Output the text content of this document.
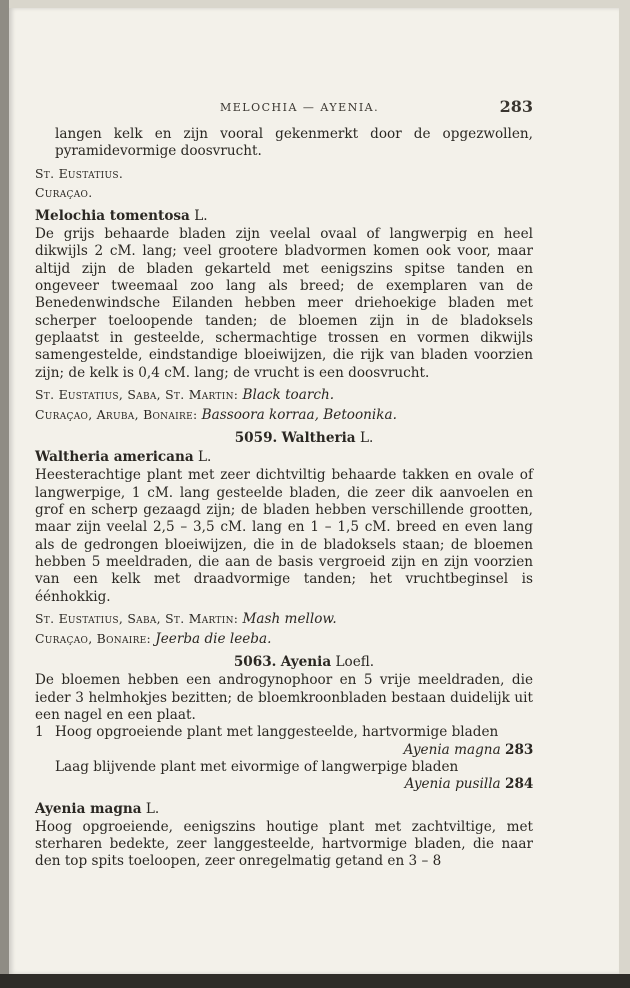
MELOCHIA — AYENIA.	283

langen kelk en zijn vooral gekenmerkt door de opgezwollen, pyramidevormige doosvrucht.

St. Eustatius.

Curaçao.

Melochia tomentosa L.

De grijs behaarde bladen zijn veelal ovaal of langwerpig en heel dikwijls 2 cM. lang; veel grootere bladvormen komen ook voor, maar altijd zijn de bladen gekarteld met eenigszins spitse tanden en ongeveer tweemaal zoo lang als breed; de exemplaren van de Benedenwindsche Eilanden hebben meer driehoekige bladen met scherper toeloopende tanden; de bloemen zijn in de bladoksels geplaatst in gesteelde, schermachtige trossen en vormen dikwijls samengestelde, eindstandige bloeiwijzen, die rijk van bladen voorzien zijn; de kelk is 0,4 cM. lang; de vrucht is een doosvrucht.

St. Eustatius, Saba, St. Martin: Black toarch.

Curaçao, Aruba, Bonaire: Bassoora korraa, Betoonika.

5059. Waltheria L.

Waltheria americana L.

Heesterachtige plant met zeer dichtviltig behaarde takken en ovale of langwerpige, 1 cM. lang gesteelde bladen, die zeer dik aanvoelen en grof en scherp gezaagd zijn; de bladen hebben verschillende grootten, maar zijn veelal 2,5 – 3,5 cM. lang en 1 – 1,5 cM. breed en even lang als de gedrongen bloeiwijzen, die in de bladoksels staan; de bloemen hebben 5 meeldraden, die aan de basis vergroeid zijn en zijn voorzien van een kelk met draadvormige tanden; het vruchtbeginsel is éénhokkig.

St. Eustatius, Saba, St. Martin: Mash mellow.

Curaçao, Bonaire: Jeerba die leeba.

5063. Ayenia Loefl.

De bloemen hebben een androgynophoor en 5 vrije meeldraden, die ieder 3 helmhokjes bezitten; de bloemkroonbladen bestaan duidelijk uit een nagel en een plaat.

1 Hoog opgroeiende plant met langgesteelde, hartvormige bladen
Ayenia magna 283
Laag blijvende plant met eivormige of langwerpige bladen
Ayenia pusilla 284

Ayenia magna L.

Hoog opgroeiende, eenigszins houtige plant met zachtviltige, met sterharen bedekte, zeer langgesteelde, hartvormige bladen, die naar den top spits toeloopen, zeer onregelmatig getand en 3 – 8
